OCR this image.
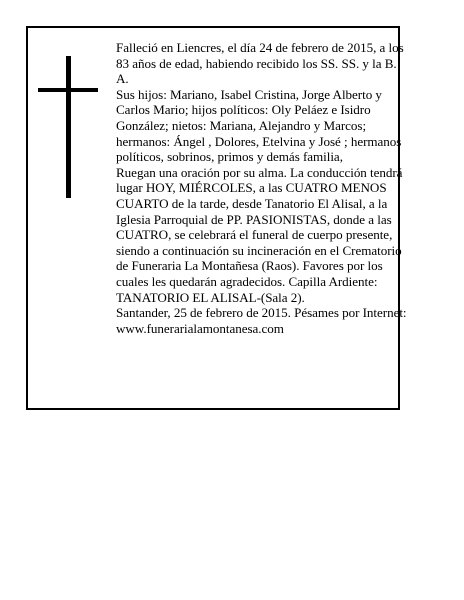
Falleció en Liencres, el día 24 de febrero de 2015, a los
83 años de edad, habiendo recibido los SS. SS. y la B.
A.
Sus hijos: Mariano, Isabel Cristina, Jorge Alberto y
Carlos Mario; hijos políticos: Oly Peláez e Isidro
González; nietos: Mariana, Alejandro y Marcos;
hermanos: Ángel , Dolores, Etelvina y José ; hermanos
políticos, sobrinos, primos y demás familia,
Ruegan una oración por su alma. La conducción tendrá
lugar HOY, MIÉRCOLES, a las CUATRO MENOS
CUARTO de la tarde, desde Tanatorio El Alisal, a la
Iglesia Parroquial de PP. PASIONISTAS, donde a las
CUATRO, se celebrará el funeral de cuerpo presente,
siendo a continuación su incineración en el Crematorio
de Funeraria La Montañesa (Raos). Favores por los
cuales les quedarán agradecidos. Capilla Ardiente:
TANATORIO EL ALISAL-(Sala 2).
Santander, 25 de febrero de 2015. Pésames por Internet:
www.funerarialamontanesa.com
